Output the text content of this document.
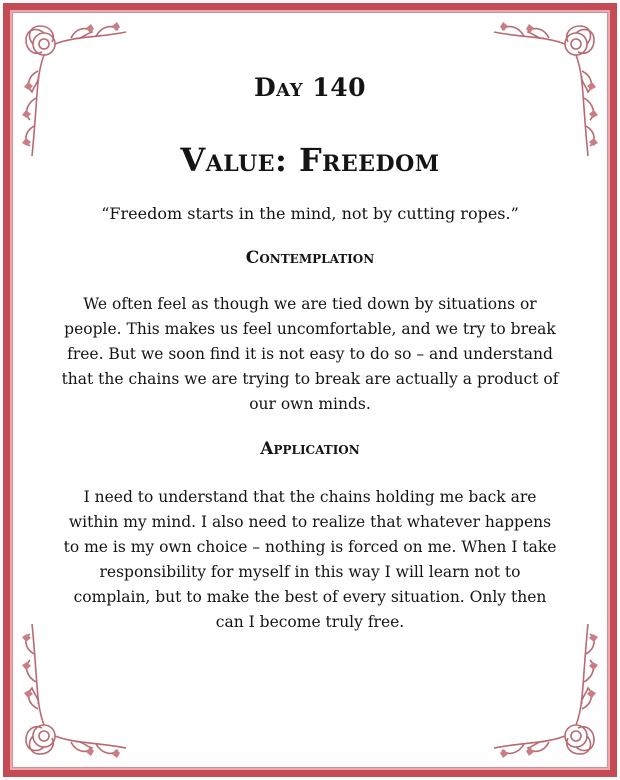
Day 140
Value: Freedom

“Freedom starts in the mind, not by cutting ropes.”

Contemplation

We often feel as though we are tied down by situations or people. This makes us feel uncomfortable, and we try to break free. But we soon find it is not easy to do so – and understand that the chains we are trying to break are actually a product of our own minds.

Application

I need to understand that the chains holding me back are within my mind. I also need to realize that whatever happens to me is my own choice – nothing is forced on me. When I take responsibility for myself in this way I will learn not to complain, but to make the best of every situation. Only then can I become truly free.
